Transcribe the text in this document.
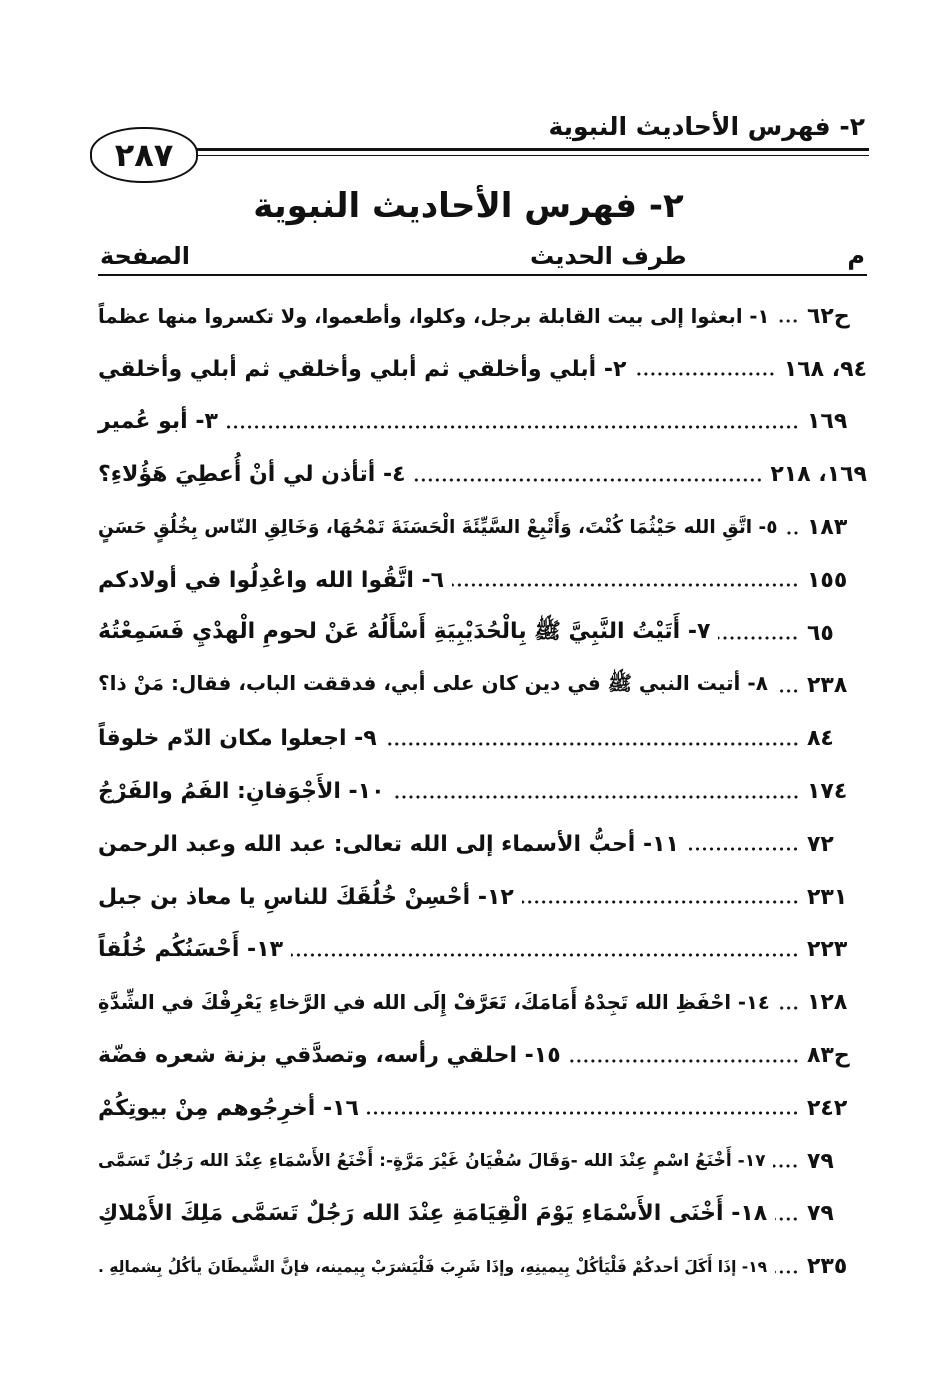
٢- فهرس الأحاديث النبوية
٢٨٧
٢- فهرس الأحاديث النبوية
م
طرف الحديث
الصفحة
١- ابعثوا إلى بيت القابلة برجل، وكلوا، وأطعموا، ولا تكسروا منها عظماً ح٦٢
٢- أبلي وأخلقي ثم أبلي وأخلقي ثم أبلي وأخلقي	٩٤، ١٦٨
٣- أبو عُمير	١٦٩
٤- أتأذن لي أنْ أُعطِيَ هَؤُلاءِ؟	١٦٩، ٢١٨
٥- اتَّقِ الله حَيْثُمَا كُنْتَ، وَأَتْبِعْ السَّيِّئَةَ الْحَسَنَةَ تَمْحُهَا، وَخَالِقِ النّاس بِخُلُقٍ حَسَنٍ ١٨٣
٦- اتَّقُوا الله واعْدِلُوا في أولادكم	١٥٥
٧- أَتَيْتُ النَّبِيَّ ﷺ بِالْحُدَيْبِيَةِ أَسْأَلُهُ عَنْ لحومِ الْهدْيِ فَسَمِعْتُهُ	٦٥
٨- أتيت النبي ﷺ في دين كان على أبي، فدققت الباب، فقال: مَنْ ذا؟ ٢٣٨
٩- اجعلوا مكان الدّم خلوقاً	٨٤
١٠- الأَجْوَفانِ: الفَمُ والفَرْجُ	١٧٤
١١- أحبُّ الأسماء إلى الله تعالى: عبد الله وعبد الرحمن	٧٢
١٢- أحْسِنْ خُلُقَكَ للناسِ يا معاذ بن جبل	٢٣١
١٣- أَحْسَنُكُم خُلُقاً	٢٢٣
١٤- احْفَظِ الله تَجِدْهُ أَمَامَكَ، تَعَرَّفْ إِلَى الله في الرَّخاءِ يَعْرِفْكَ في الشِّدَّةِ ١٢٨
١٥- احلقي رأسه، وتصدَّقي بزنة شعره فضّة	ح٨٣
١٦- أخرِجُوهم مِنْ بيوتِكُمْ	٢٤٢
١٧- أَخْنَعُ اسْمٍ عِنْدَ الله -وَقَالَ سُفْيَانُ غَيْرَ مَرَّةٍ-: أَخْنَعُ الأَسْمَاءِ عِنْدَ الله رَجُلٌ تَسَمَّى ٧٩
١٨- أَخْنَى الأَسْمَاءِ يَوْمَ الْقِيَامَةِ عِنْدَ الله رَجُلٌ تَسَمَّى مَلِكَ الأَمْلاكِ ٧٩
١٩- إذَا أَكَلَ أحدكُمْ فَلْيَأكُلْ بِيمينِهِ، وإذَا شَرِبَ فَلْيَشرَبْ بِيمينه، فإنَّ الشَّيطَانَ يأكُلُ بِشمالِهِ . ٢٣٥
